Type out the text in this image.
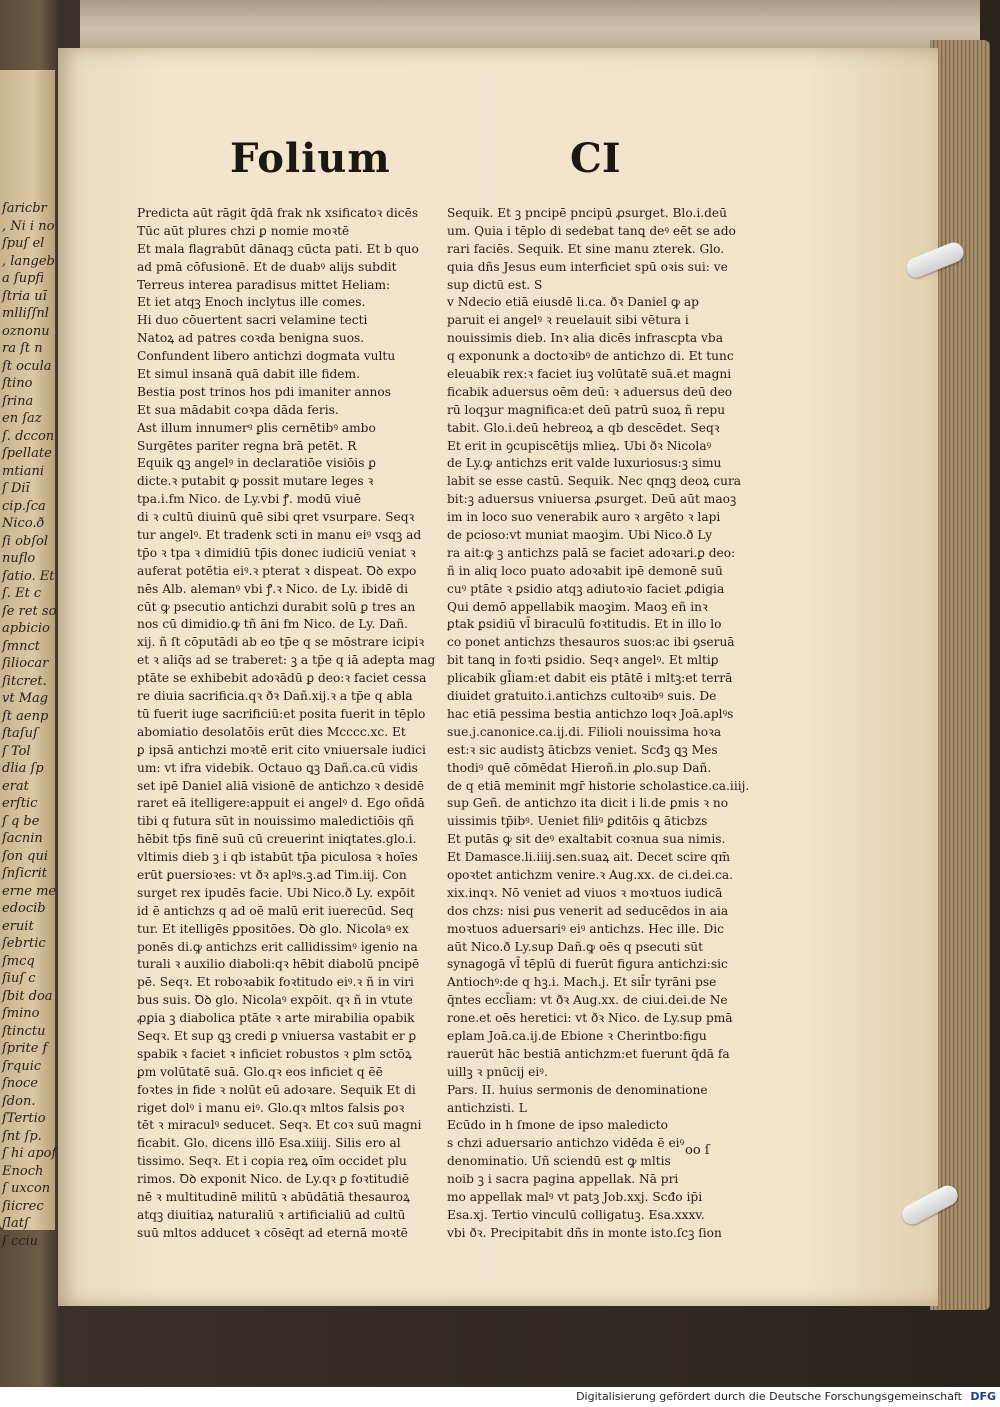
ſaricbr
, Ni i no
ſpuſ el
, langeb
a ſupfi
ſtria uī
mlliſſnl
oznonu
ra ſt n
ſt ocula
ſtino
ſrina
en ſaz
ſ. dccon
ſpellate
mtiani
ſ Diī
cip.ſca
Nico.ð
ſi obſol
nuflo
ſatio. Et
ſ. Et c
ſe ret so
apbicio
ſmnct
ſiliocar
ſitcret.
vt Mag
ſt aenp
ſtaſuſ
ſ Tol
dlia ſp
erat
erſtic
ſ q be
ſacnin
ſon qui
ſnſicrit
erne me
edocib
eruit
ſebrtic
ſmcq
ſiuſ c
ſbit doa
ſmino
ſtinctu
ſprite f
ſrquic
ſnoce
ſdon.
ſTertio
ſnt ſp.
ſ hi apoſ
Enoch
ſ uxcon
ſiicrec
ſlatſ
ſ cciu
Folium	CI
Predicta aūt rāgit q̄dā frak nk xsificatoꝛ dicēs
Tūc aūt plures chzi ꝑ nomie moꝛtē
Et mala flagrabūt dānaqꝫ cūcta pati. Et b quo
ad pmā cōfusionē. Et de duabꝰ alijs subdit
Terreus interea paradisus mittet Heliam:
Et iet atqꝫ Enoch inclytus ille comes.
Hi duo cōuertent sacri velamine tecti
Natoꝝ ad patres coꝛda benigna suos.
Confundent libero antichzi dogmata vultu
Et simul insanā quā dabit ille fidem.
Bestia post trinos hos pdi imaniter annos
Et sua mādabit coꝛpa dāda feris.
Ast illum innumerꝰ ꝑlis cernētibꝰ ambo
Surgētes pariter regna brā petēt. R
Equik ꝗꝫ angelꝰ in declaratiōe visiōis ꝑ
dicte.ꝛ putabit ꝙ possit mutare leges ꝛ
tpa.i.fm Nico. de Ly.vbi ꝭ. modū viuē
di ꝛ cultū diuinū quē sibi qret vsurpare. Seqꝛ
tur angelꝰ. Et tradenk scti in manu eiꝰ vsqꝫ ad
tp̄o ꝛ tpa ꝛ dimidiū tp̄is donec iudiciū veniat ꝛ
auferat potētia eiꝰ.ꝛ pterat ꝛ dispeat. Ꝺꝺ expo
nēs Alb. alemanꝰ vbi ꝭ.ꝛ Nico. de Ly. ibidē di
cūt ꝙ psecutio antichzi durabit solū ꝑ tres an
nos cū dimidio.ꝙ tñ āni fm Nico. de Ly. Dañ.
xij. ñ ſt cōputādi ab eo tp̄e q se mōstrare icipiꝛ
et ꝛ aliq̄s ad se traberet: ꝫ a tp̄e q iā adepta mag
ptāte se exhibebit adoꝛādū ꝑ deo:ꝛ faciet cessa
re diuia sacrificia.qꝛ ðꝛ Dañ.xij.ꝛ a tp̄e q abla
tū fuerit iuge sacrificiū:et posita fuerit in tēplo
abomiatio desolatōis erūt dies Mcccc.xc. Et
ꝑ ipsā antichzi moꝛtē erit cito vniuersale iudici
um: vt ifra videbik. Octauo ꝗꝫ Dañ.ca.cū vidis
set ipē Daniel aliā visionē de antichzo ꝛ desidē
raret eā itelligere:appuit ei angelꝰ d. Ego oñdā
tibi q futura sūt in nouissimo maledictiōis qñ
hēbit tp̄s finē suū cū creuerint iniqtates.glo.i.
vltimis dieb ꝫ i qb istabūt tp̄a piculosa ꝛ hoīes
erūt ꝑuersioꝛes: vt ðꝛ aplꝰs.ꝫ.ad Tim.iij. Con
surget rex ipudēs facie. Ubi Nico.ð Ly. expōit
id ē antichzs q ad oē malū erit iuerecūd. Seq
tur. Et itelligēs ꝑpositōes. Ꝺꝺ glo. Nicolaꝰ ex
ponēs di.ꝙ antichzs erit callidissimꝰ igenio na
turali ꝛ auxilio diaboli:qꝛ hēbit diabolū pncipē
pē. Seqꝛ. Et roboꝛabik foꝛtitudo eiꝰ.ꝛ ñ in viri
bus suis. Ꝺꝺ glo. Nicolaꝰ expōit. qꝛ ñ in vtute
ꝓꝑia ꝫ diabolica ptāte ꝛ arte mirabilia opabik
Seqꝛ. Et sup ꝗꝫ credi ꝑ vniuersa vastabit er ꝑ
spabik ꝛ faciet ꝛ inficiet robustos ꝛ ꝑlm sctōꝝ
ꝑm volūtatē suā. Glo.qꝛ eos inficiet q ēē
foꝛtes in fide ꝛ nolūt eū adoꝛare. Sequik Et di
riget dolꝰ i manu eiꝰ. Glo.qꝛ mltos falsis ꝑoꝛ
tēt ꝛ miraculꝰ seducet. Seqꝛ. Et coꝛ suū magni
ficabit. Glo. dicens illō Esa.xiiij. Silis ero al
tissimo. Seqꝛ. Et i copia reꝝ oīm occidet plu
rimos. Ꝺꝺ exponit Nico. de Ly.qꝛ ꝑ foꝛtitudiē
nē ꝛ multitudinē militū ꝛ abūdātiā thesauroꝝ
atqꝫ diuitiaꝝ naturaliū ꝛ artificialiū ad cultū
suū mltos adducet ꝛ cōsēqt ad eternā moꝛtē
Sequik. Et ꝫ pncipē pncipū ꝓsurget. Blo.i.deū
um. Quia i tēplo di sedebat tanꝗ deꝰ eēt se ado
rari faciēs. Sequik. Et sine manu zterek. Glo.
quia dñs Jesus eum interficiet spū oꝛis sui: ve
sup dictū est. S
v Ndecio etiā eiusdē li.ca. ðꝛ Daniel ꝙ ap
paruit ei angelꝰ ꝛ reuelauit sibi vētura i
nouissimis dieb. Inꝛ alia dicēs infrascpta vba
q exponunk a doctoꝛibꝰ de antichzo di. Et tunc
eleuabik rex:ꝛ faciet iuꝫ volūtatē suā.et magni
ficabik aduersus oēm deū: ꝛ aduersus deū deo
rū loqꝫur magnifica:et deū patrū suoꝝ ñ repu
tabit. Glo.i.deū hebreoꝝ a qb descēdet. Seqꝛ
Et erit in ꝯcupiscētijs mlieꝝ. Ubi ðꝛ Nicolaꝰ
de Ly.ꝙ antichzs erit valde luxuriosus:ꝫ simu
labit se esse castū. Sequik. Nec qnqꝫ deoꝝ cura
bit:ꝫ aduersus vniuersa ꝓsurget. Deū aūt maoꝫ
im in loco suo venerabik auro ꝛ argēto ꝛ lapi
de pcioso:vt muniat maoꝫim. Ubi Nico.ð Ly
ra ait:ꝙ ꝫ antichzs palā se faciet adoꝛari.ꝑ deo:
ñ in aliq loco puato adoꝛabit ipē demonē suū
cuꝰ ptāte ꝛ ꝑsidio atqꝫ adiutoꝛio faciet ꝓdigia
Qui demō appellabik maoꝫim. Maoꝫ eñ inꝛ
ꝑtak ꝑsidiū vl̄ biraculū foꝛtitudis. Et in illo lo
co ponet antichzs thesauros suos:ac ibi ꝯseruā
bit tanꝗ in foꝛti ꝑsidio. Seqꝛ angelꝰ. Et mltiꝑ
plicabik gl̄iam:et dabit eis ptātē i mltꝫ:et terrā
diuidet gratuito.i.antichzs cultoꝛibꝰ suis. De
hac etiā pessima bestia antichzo loqꝛ Joā.aplꝰs
sue.j.canonice.ca.ij.di. Filioli nouissima hoꝛa
est:ꝛ sic audistꝫ āticbzs veniet. Scđꝫ ꝗꝫ Mes
thodiꝰ quē cōmēdat Hieroñ.in ꝓlo.sup Dañ.
de q etiā meminit mgr̄ historie scholastice.ca.iiij.
sup Geñ. de antichzo ita dicit i li.de ꝑmis ꝛ no
uissimis tp̄ibꝰ. Ueniet filiꝰ ꝑditōis ꝗ āticbzs
Et putās ꝙ sit deꝰ exaltabit coꝛnua sua nimis.
Et Damasce.li.iiij.sen.suaꝝ ait. Decet scire qm̄
opoꝛtet antichzm venire.ꝛ Aug.xx. de ci.dei.ca.
xix.inqꝛ. Nō veniet ad viuos ꝛ moꝛtuos iudicā
dos chzs: nisi ꝑus venerit ad seducēdos in aia
moꝛtuos aduersariꝰ eiꝰ antichzs. Hec ille. Dic
aūt Nico.ð Ly.sup Dañ.ꝙ oēs q psecuti sūt
synagogā vl̄ tēplū di fuerūt figura antichzi:sic
Antiochꝰ:de q hꝫ.i. Mach.j. Et sil̄r tyrāni pse
q̄ntes eccl̄iam: vt ðꝛ Aug.xx. de ciui.dei.de Ne
rone.et oēs heretici: vt ðꝛ Nico. de Ly.sup pmā
eplam Joā.ca.ij.de Ebione ꝛ Cherintbo:figu
rauerūt hāc bestiā antichzm:et fuerunt q̄dā fa
uillꝫ ꝛ pnūcij eiꝰ.
Pars. II. huius sermonis de denominatione
antichzisti. L
Ecūdo in h ſmone de ipso maledicto
s chzi aduersario antichzo vidēda ē eiꝰ
denominatio. Uñ sciendū est ꝙ mltis
noib ꝫ i sacra pagina appellak. Nā pri
mo appellak malꝰ vt patꝫ Job.xxj. Scđo ip̄i
Esa.xj. Tertio vinculū colligatuꝫ. Esa.xxxv.
vbi ðꝛ. Precipitabit dñs in monte isto.ſcꝫ ſion
oo ſ
Digitalisierung gefördert durch die Deutsche Forschungsgemeinschaft DFG
